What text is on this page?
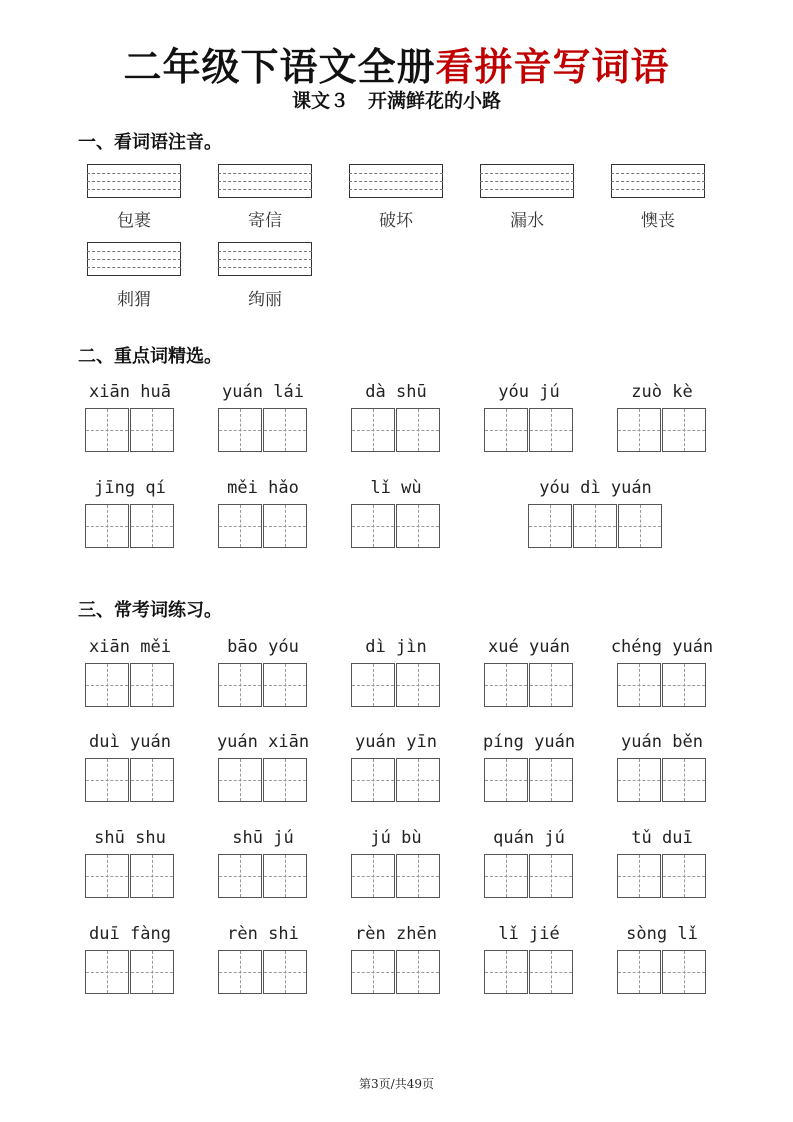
二年级下语文全册看拼音写词语
课文３　开满鲜花的小路
一、看词语注音。
包裹	寄信	破坏	漏水	懊丧
刺猬	绚丽
二、重点词精选。
xiān huā	yuán lái	dà shū	yóu jú	zuò kè
jīng qí	měi hǎo	lǐ wù	yóu dì yuán
三、常考词练习。
xiān měi	bāo yóu	dì jìn	xué yuán	chéng yuán
duì yuán	yuán xiān	yuán yīn	píng yuán	yuán běn
shū shu	shū jú	jú bù	quán jú	tǔ duī
duī fàng	rèn shi	rèn zhēn	lǐ jié	sòng lǐ
第3页/共49页
